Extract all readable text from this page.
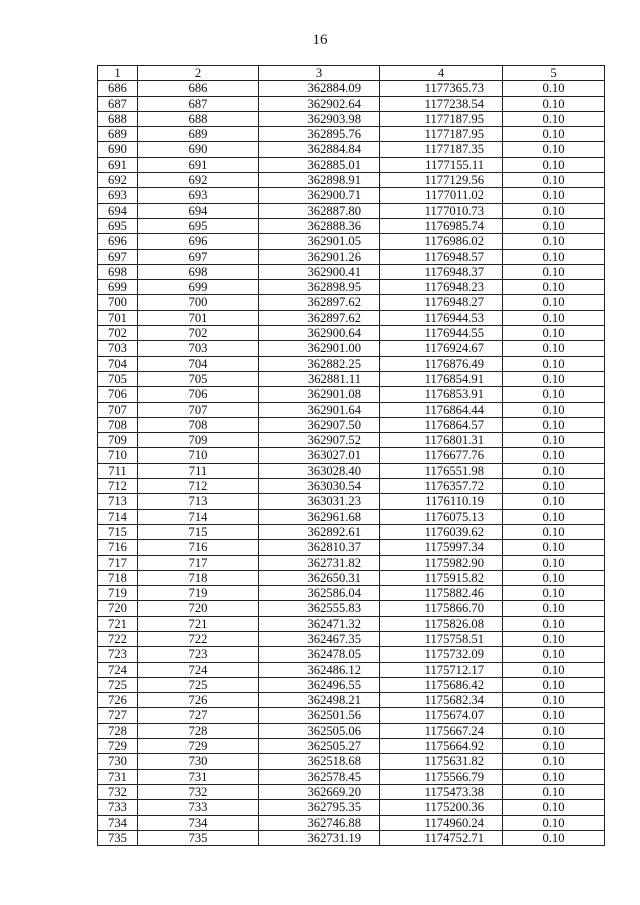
16
1	2	3	4	5
686	686	362884.09	1177365.73	0.10
687	687	362902.64	1177238.54	0.10
688	688	362903.98	1177187.95	0.10
689	689	362895.76	1177187.95	0.10
690	690	362884.84	1177187.35	0.10
691	691	362885.01	1177155.11	0.10
692	692	362898.91	1177129.56	0.10
693	693	362900.71	1177011.02	0.10
694	694	362887.80	1177010.73	0.10
695	695	362888.36	1176985.74	0.10
696	696	362901.05	1176986.02	0.10
697	697	362901.26	1176948.57	0.10
698	698	362900.41	1176948.37	0.10
699	699	362898.95	1176948.23	0.10
700	700	362897.62	1176948.27	0.10
701	701	362897.62	1176944.53	0.10
702	702	362900.64	1176944.55	0.10
703	703	362901.00	1176924.67	0.10
704	704	362882.25	1176876.49	0.10
705	705	362881.11	1176854.91	0.10
706	706	362901.08	1176853.91	0.10
707	707	362901.64	1176864.44	0.10
708	708	362907.50	1176864.57	0.10
709	709	362907.52	1176801.31	0.10
710	710	363027.01	1176677.76	0.10
711	711	363028.40	1176551.98	0.10
712	712	363030.54	1176357.72	0.10
713	713	363031.23	1176110.19	0.10
714	714	362961.68	1176075.13	0.10
715	715	362892.61	1176039.62	0.10
716	716	362810.37	1175997.34	0.10
717	717	362731.82	1175982.90	0.10
718	718	362650.31	1175915.82	0.10
719	719	362586.04	1175882.46	0.10
720	720	362555.83	1175866.70	0.10
721	721	362471.32	1175826.08	0.10
722	722	362467.35	1175758.51	0.10
723	723	362478.05	1175732.09	0.10
724	724	362486.12	1175712.17	0.10
725	725	362496.55	1175686.42	0.10
726	726	362498.21	1175682.34	0.10
727	727	362501.56	1175674.07	0.10
728	728	362505.06	1175667.24	0.10
729	729	362505.27	1175664.92	0.10
730	730	362518.68	1175631.82	0.10
731	731	362578.45	1175566.79	0.10
732	732	362669.20	1175473.38	0.10
733	733	362795.35	1175200.36	0.10
734	734	362746.88	1174960.24	0.10
735	735	362731.19	1174752.71	0.10
